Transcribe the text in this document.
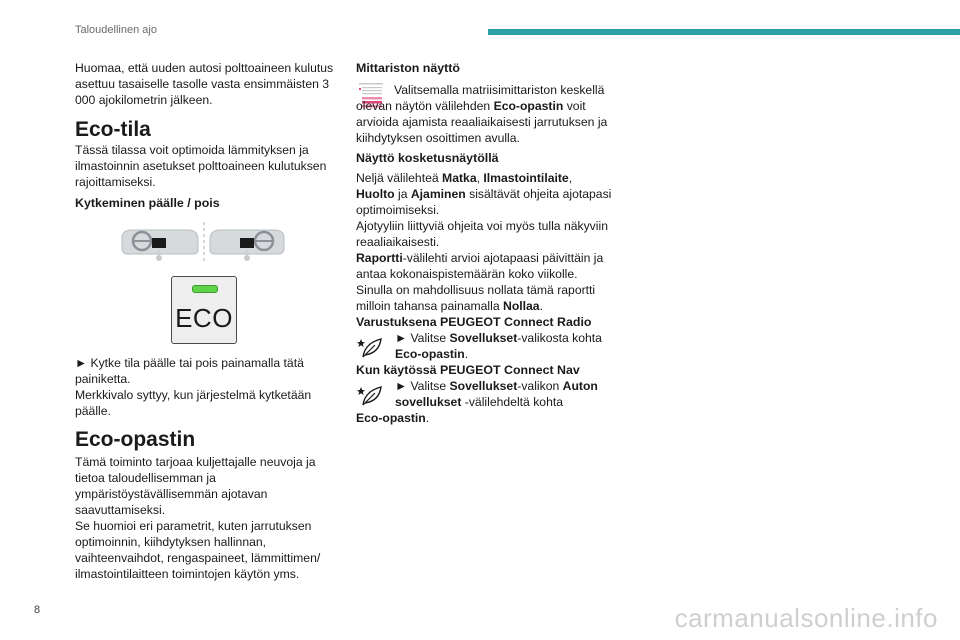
Taloudellinen ajo

Huomaa, että uuden autosi polttoaineen kulutus asettuu tasaiselle tasolle vasta ensimmäisten 3 000 ajokilometrin jälkeen.

Eco-tila

Tässä tilassa voit optimoida lämmityksen ja ilmastoinnin asetukset polttoaineen kulutuksen rajoittamiseksi.

Kytkeminen päälle / pois
ECO

► Kytke tila päälle tai pois painamalla tätä painiketta.

Merkkivalo syttyy, kun järjestelmä kytketään päälle.

Eco-opastin

Tämä toiminto tarjoaa kuljettajalle neuvoja ja tietoa taloudellisemman ja ympäristöystävällisemmän ajotavan saavuttamiseksi.

Se huomioi eri parametrit, kuten jarrutuksen optimoinnin, kiihdytyksen hallinnan, vaihteenvaihdot, rengaspaineet, lämmittimen/ ilmastointilaitteen toimintojen käytön yms.

Mittariston näyttö

Valitsemalla matriisimittariston keskellä olevan näytön välilehden Eco-opastin voit arvioida ajamista reaaliaikaisesti jarrutuksen ja kiihdytyksen osoittimen avulla.

Näyttö kosketusnäytöllä

Neljä välilehteä Matka, Ilmastointilaite,
Huolto ja Ajaminen sisältävät ohjeita ajotapasi optimoimiseksi.

Ajotyyliin liittyviä ohjeita voi myös tulla näkyviin reaaliaikaisesti.

Raportti-välilehti arvioi ajotapaasi päivittäin ja antaa kokonaispistemäärän koko viikolle.

Sinulla on mahdollisuus nollata tämä raportti milloin tahansa painamalla Nollaa.

Varustuksena PEUGEOT Connect Radio

► Valitse Sovellukset-valikosta kohta Eco-opastin.

Kun käytössä PEUGEOT Connect Nav

► Valitse Sovellukset-valikon Auton sovellukset -välilehdeltä kohta

Eco-opastin.

8	carmanualsonline.info
